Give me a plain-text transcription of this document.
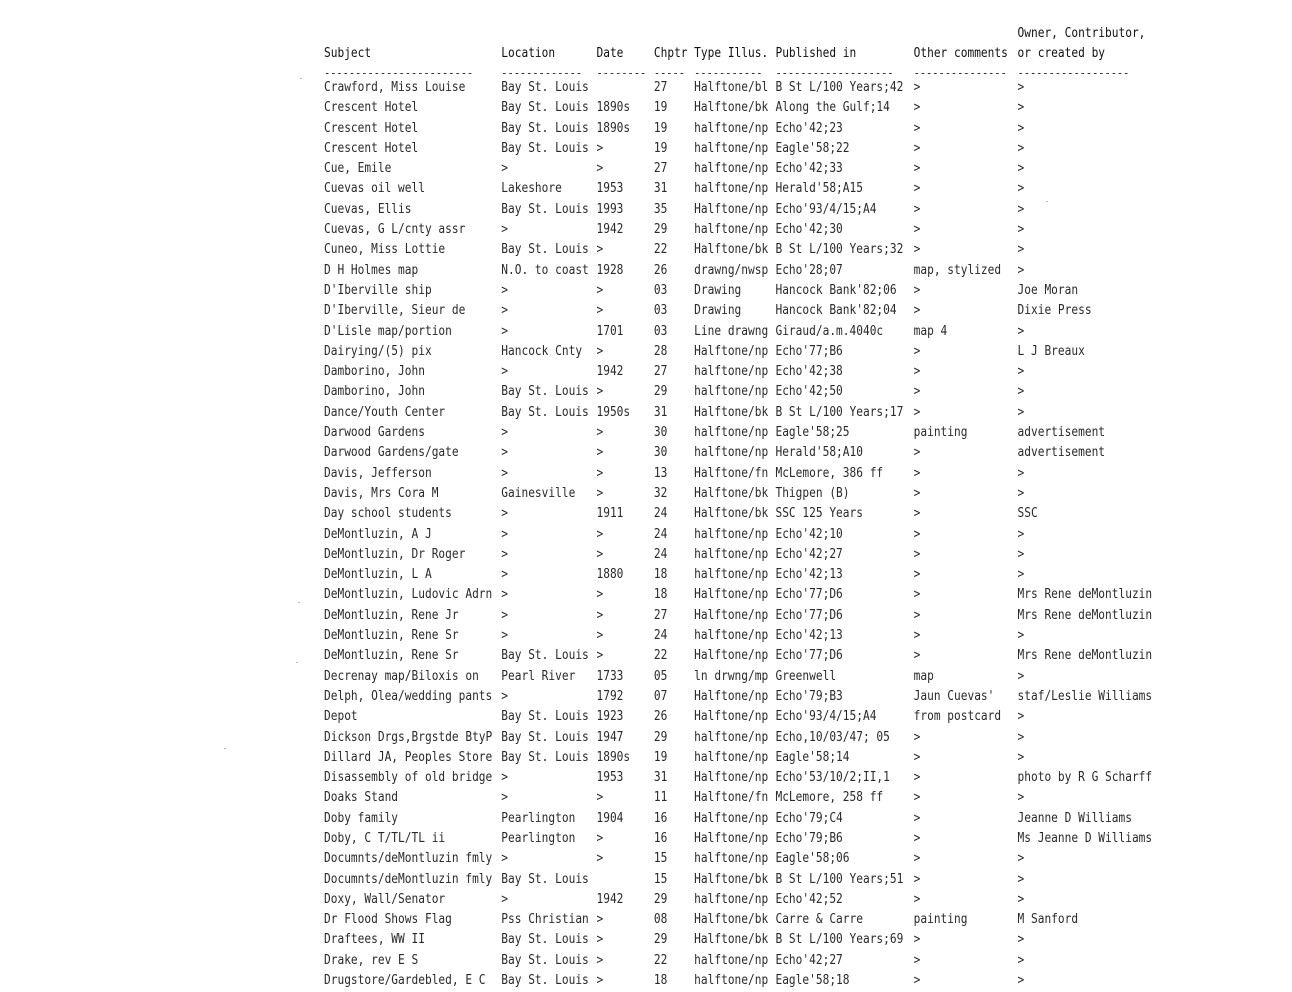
Subject	Location	Date	Chptr	Type Illus.	Published in	Other comments	Owner, Contributor,
or created by
------------------------	-------------	--------	-----	-----------	-------------------	---------------	------------------
Crawford, Miss Louise	Bay St. Louis		27	Halftone/bl	B St L/100 Years;42	>	>
Crescent Hotel	Bay St. Louis	1890s	19	Halftone/bk	Along the Gulf;14	>	>
Crescent Hotel	Bay St. Louis	1890s	19	halftone/np	Echo'42;23	>	>
Crescent Hotel	Bay St. Louis	>	19	halftone/np	Eagle'58;22	>	>
Cue, Emile	>	>	27	halftone/np	Echo'42;33	>	>
Cuevas oil well	Lakeshore	1953	31	halftone/np	Herald'58;A15	>	>
Cuevas, Ellis	Bay St. Louis	1993	35	Halftone/np	Echo'93/4/15;A4	>	>
Cuevas, G L/cnty assr	>	1942	29	halftone/np	Echo'42;30	>	>
Cuneo, Miss Lottie	Bay St. Louis	>	22	Halftone/bk	B St L/100 Years;32	>	>
D H Holmes map	N.O. to coast	1928	26	drawng/nwsp	Echo'28;07	map, stylized	>
D'Iberville ship	>	>	03	Drawing	Hancock Bank'82;06	>	Joe Moran
D'Iberville, Sieur de	>	>	03	Drawing	Hancock Bank'82;04	>	Dixie Press
D'Lisle map/portion	>	1701	03	Line drawng	Giraud/a.m.4040c	map 4	>
Dairying/(5) pix	Hancock Cnty	>	28	Halftone/np	Echo'77;B6	>	L J Breaux
Damborino, John	>	1942	27	halftone/np	Echo'42;38	>	>
Damborino, John	Bay St. Louis	>	29	halftone/np	Echo'42;50	>	>
Dance/Youth Center	Bay St. Louis	1950s	31	Halftone/bk	B St L/100 Years;17	>	>
Darwood Gardens	>	>	30	halftone/np	Eagle'58;25	painting	advertisement
Darwood Gardens/gate	>	>	30	halftone/np	Herald'58;A10	>	advertisement
Davis, Jefferson	>	>	13	Halftone/fn	McLemore, 386 ff	>	>
Davis, Mrs Cora M	Gainesville	>	32	Halftone/bk	Thigpen (B)	>	>
Day school students	>	1911	24	Halftone/bk	SSC 125 Years	>	SSC
DeMontluzin, A J	>	>	24	halftone/np	Echo'42;10	>	>
DeMontluzin, Dr Roger	>	>	24	halftone/np	Echo'42;27	>	>
DeMontluzin, L A	>	1880	18	halftone/np	Echo'42;13	>	>
DeMontluzin, Ludovic Adrn	>	>	18	Halftone/np	Echo'77;D6	>	Mrs Rene deMontluzin
DeMontluzin, Rene Jr	>	>	27	Halftone/np	Echo'77;D6	>	Mrs Rene deMontluzin
DeMontluzin, Rene Sr	>	>	24	halftone/np	Echo'42;13	>	>
DeMontluzin, Rene Sr	Bay St. Louis	>	22	Halftone/np	Echo'77;D6	>	Mrs Rene deMontluzin
Decrenay map/Biloxis on	Pearl River	1733	05	ln drwng/mp	Greenwell	map	>
Delph, Olea/wedding pants	>	1792	07	Halftone/np	Echo'79;B3	Jaun Cuevas'	staf/Leslie Williams
Depot	Bay St. Louis	1923	26	Halftone/np	Echo'93/4/15;A4	from postcard	>
Dickson Drgs,Brgstde BtyP	Bay St. Louis	1947	29	halftone/np	Echo,10/03/47; 05	>	>
Dillard JA, Peoples Store	Bay St. Louis	1890s	19	halftone/np	Eagle'58;14	>	>
Disassembly of old bridge	>	1953	31	Halftone/np	Echo'53/10/2;II,1	>	photo by R G Scharff
Doaks Stand	>	>	11	Halftone/fn	McLemore, 258 ff	>	>
Doby family	Pearlington	1904	16	Halftone/np	Echo'79;C4	>	Jeanne D Williams
Doby, C T/TL/TL ii	Pearlington	>	16	Halftone/np	Echo'79;B6	>	Ms Jeanne D Williams
Documnts/deMontluzin fmly	>	>	15	halftone/np	Eagle'58;06	>	>
Documnts/deMontluzin fmly	Bay St. Louis		15	Halftone/bk	B St L/100 Years;51	>	>
Doxy, Wall/Senator	>	1942	29	halftone/np	Echo'42;52	>	>
Dr Flood Shows Flag	Pss Christian	>	08	Halftone/bk	Carre & Carre	painting	M Sanford
Draftees, WW II	Bay St. Louis	>	29	Halftone/bk	B St L/100 Years;69	>	>
Drake, rev E S	Bay St. Louis	>	22	halftone/np	Echo'42;27	>	>
Drugstore/Gardebled, E C	Bay St. Louis	>	18	halftone/np	Eagle'58;18	>	>
